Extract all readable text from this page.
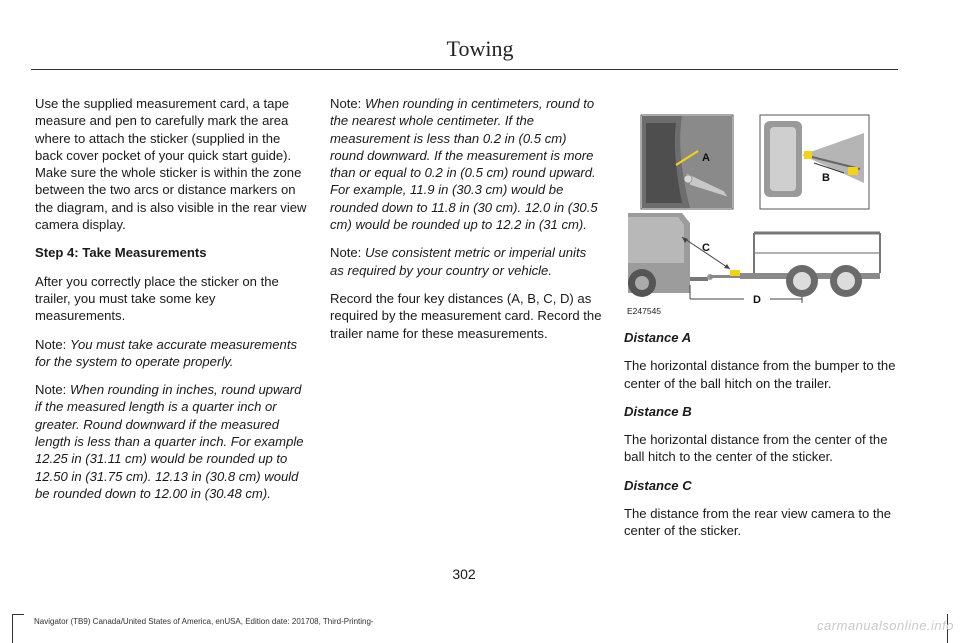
Towing

Use the supplied measurement card, a tape measure and pen to carefully mark the area where to attach the sticker (supplied in the back cover pocket of your quick start guide). Make sure the whole sticker is within the zone between the two arcs or distance markers on the diagram, and is also visible in the rear view camera display.

Step 4: Take Measurements

After you correctly place the sticker on the trailer, you must take some key measurements.

Note: You must take accurate measurements for the system to operate properly.

Note: When rounding in inches, round upward if the measured length is a quarter inch or greater. Round downward if the measured length is less than a quarter inch. For example 12.25 in (31.11 cm) would be rounded up to 12.50 in (31.75 cm). 12.13 in (30.8 cm) would be rounded down to 12.00 in (30.48 cm).

Note: When rounding in centimeters, round to the nearest whole centimeter. If the measurement is less than 0.2 in (0.5 cm) round downward. If the measurement is more than or equal to 0.2 in (0.5 cm) round upward. For example, 11.9 in (30.3 cm) would be rounded down to 11.8 in (30 cm). 12.0 in (30.5 cm) would be rounded up to 12.2 in (31 cm).

Note: Use consistent metric or imperial units as required by your country or vehicle.

Record the four key distances (A, B, C, D) as required by the measurement card. Record the trailer name for these measurements.

A
B
C
D
E247545

Distance A

The horizontal distance from the bumper to the center of the ball hitch on the trailer.

Distance B

The horizontal distance from the center of the ball hitch to the center of the sticker.

Distance C

The distance from the rear view camera to the center of the sticker.

302
Navigator (TB9) Canada/United States of America, enUSA, Edition date: 201708, Third-Printing-	carmanualsonline.info
